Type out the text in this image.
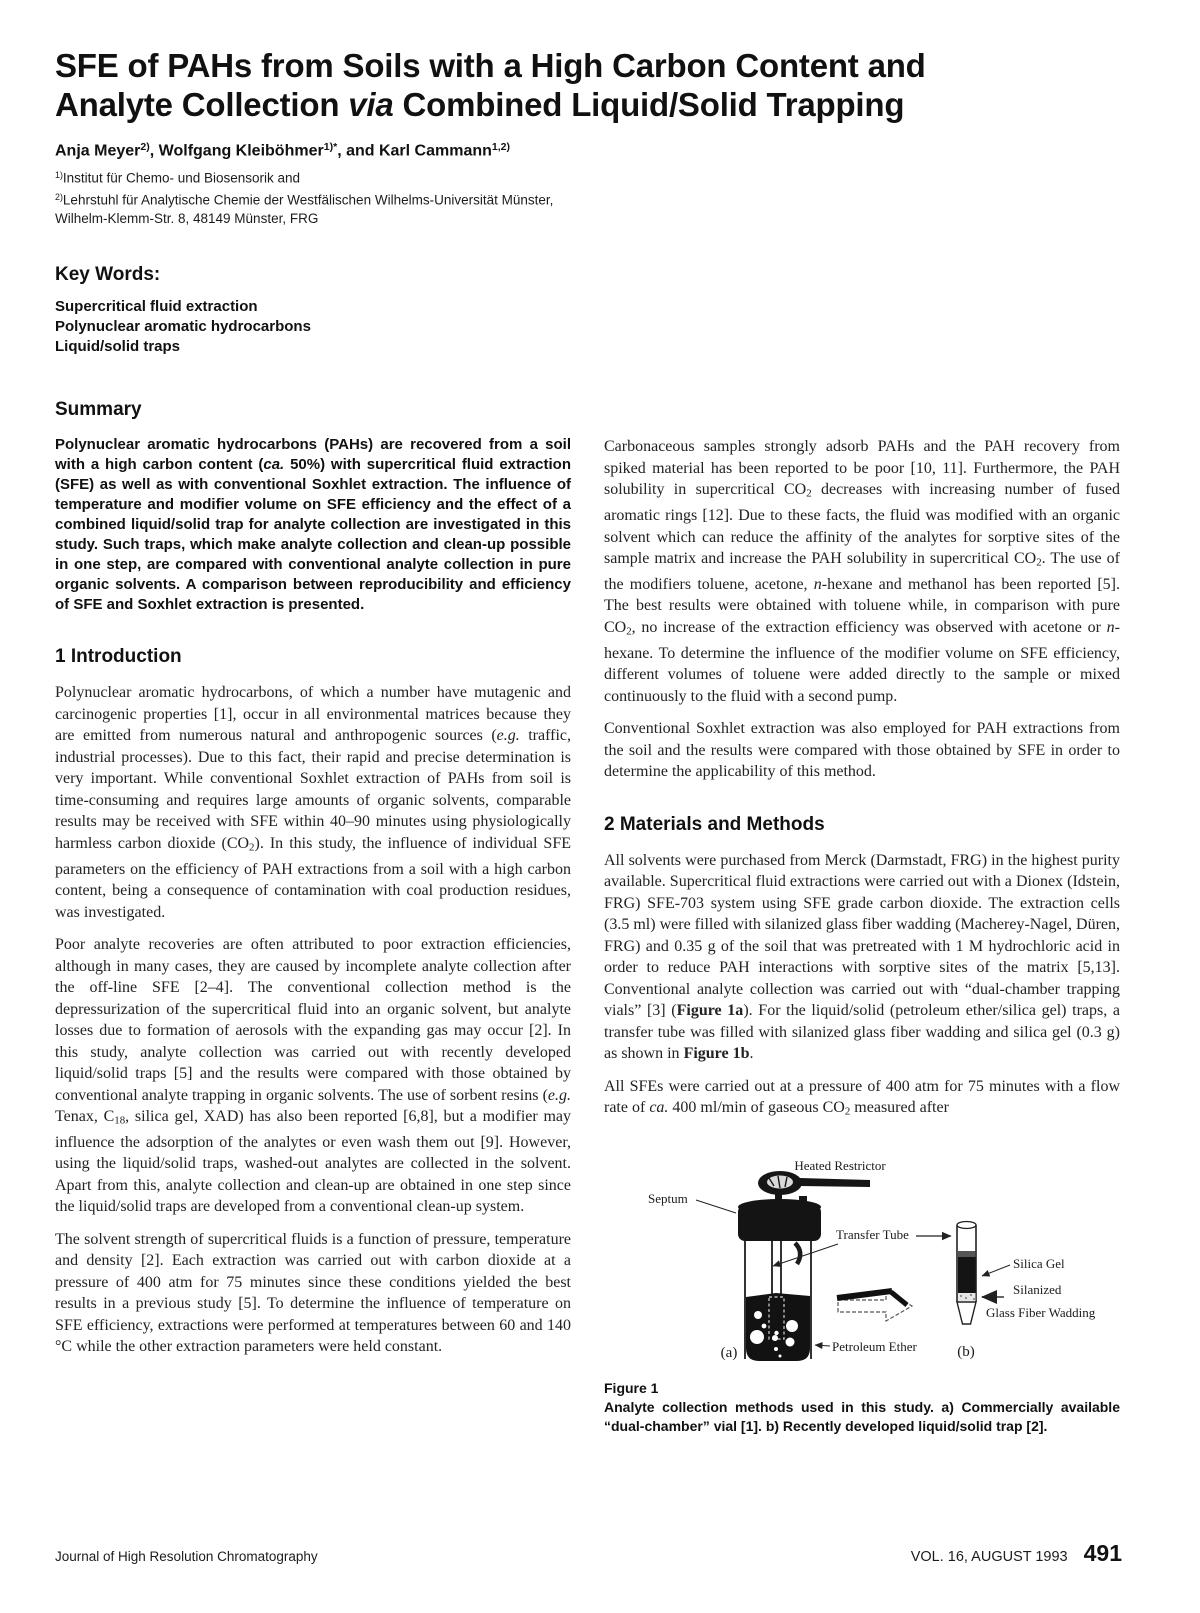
SFE of PAHs from Soils with a High Carbon Content and
Analyte Collection via Combined Liquid/Solid Trapping
Anja Meyer$^{2)}$, Wolfgang Kleiböhmer$^{1)*}$, and Karl Cammann$^{1,2)}$
$^{1)}$Institut für Chemo- und Biosensorik and
$^{2)}$Lehrstuhl für Analytische Chemie der Westfälischen Wilhelms-Universität Münster,
Wilhelm-Klemm-Str. 8, 48149 Münster, FRG
Key Words:
Supercritical fluid extraction
Polynuclear aromatic hydrocarbons
Liquid/solid traps
Summary

Polynuclear aromatic hydrocarbons (PAHs) are recovered from a soil with a high carbon content (ca. 50%) with supercritical fluid extraction (SFE) as well as with conventional Soxhlet extraction. The influence of temperature and modifier volume on SFE efficiency and the effect of a combined liquid/solid trap for analyte collection are investigated in this study. Such traps, which make analyte collection and clean-up possible in one step, are compared with conventional analyte collection in pure organic solvents. A comparison between reproducibility and efficiency of SFE and Soxhlet extraction is presented.

1 Introduction

Polynuclear aromatic hydrocarbons, of which a number have mutagenic and carcinogenic properties [1], occur in all environmental matrices because they are emitted from numerous natural and anthropogenic sources (e.g. traffic, industrial processes). Due to this fact, their rapid and precise determination is very important. While conventional Soxhlet extraction of PAHs from soil is time-consuming and requires large amounts of organic solvents, comparable results may be received with SFE within 40–90 minutes using physiologically harmless carbon dioxide (CO2). In this study, the influence of individual SFE parameters on the efficiency of PAH extractions from a soil with a high carbon content, being a consequence of contamination with coal production residues, was investigated.

Poor analyte recoveries are often attributed to poor extraction efficiencies, although in many cases, they are caused by incomplete analyte collection after the off-line SFE [2–4]. The conventional collection method is the depressurization of the supercritical fluid into an organic solvent, but analyte losses due to formation of aerosols with the expanding gas may occur [2]. In this study, analyte collection was carried out with recently developed liquid/solid traps [5] and the results were compared with those obtained by conventional analyte trapping in organic solvents. The use of sorbent resins (e.g. Tenax, C18, silica gel, XAD) has also been reported [6,8], but a modifier may influence the adsorption of the analytes or even wash them out [9]. However, using the liquid/solid traps, washed-out analytes are collected in the solvent. Apart from this, analyte collection and clean-up are obtained in one step since the liquid/solid traps are developed from a conventional clean-up system.

The solvent strength of supercritical fluids is a function of pressure, temperature and density [2]. Each extraction was carried out with carbon dioxide at a pressure of 400 atm for 75 minutes since these conditions yielded the best results in a previous study [5]. To determine the influence of temperature on SFE efficiency, extractions were performed at temperatures between 60 and 140 °C while the other extraction parameters were held constant.

Carbonaceous samples strongly adsorb PAHs and the PAH recovery from spiked material has been reported to be poor [10, 11]. Furthermore, the PAH solubility in supercritical CO2 decreases with increasing number of fused aromatic rings [12]. Due to these facts, the fluid was modified with an organic solvent which can reduce the affinity of the analytes for sorptive sites of the sample matrix and increase the PAH solubility in supercritical CO2. The use of the modifiers toluene, acetone, n-hexane and methanol has been reported [5]. The best results were obtained with toluene while, in comparison with pure CO2, no increase of the extraction efficiency was observed with acetone or n-hexane. To determine the influence of the modifier volume on SFE efficiency, different volumes of toluene were added directly to the sample or mixed continuously to the fluid with a second pump.

Conventional Soxhlet extraction was also employed for PAH extractions from the soil and the results were compared with those obtained by SFE in order to determine the applicability of this method.

2 Materials and Methods

All solvents were purchased from Merck (Darmstadt, FRG) in the highest purity available. Supercritical fluid extractions were carried out with a Dionex (Idstein, FRG) SFE-703 system using SFE grade carbon dioxide. The extraction cells (3.5 ml) were filled with silanized glass fiber wadding (Macherey-Nagel, Düren, FRG) and 0.35 g of the soil that was pretreated with 1 M hydrochloric acid in order to reduce PAH interactions with sorptive sites of the matrix [5,13]. Conventional analyte collection was carried out with “dual-chamber trapping vials” [3] (Figure 1a). For the liquid/solid (petroleum ether/silica gel) traps, a transfer tube was filled with silanized glass fiber wadding and silica gel (0.3 g) as shown in Figure 1b.

All SFEs were carried out at a pressure of 400 atm for 75 minutes with a flow rate of ca. 400 ml/min of gaseous CO2 measured after

Septum
Heated Restrictor
Transfer Tube
Petroleum Ether
(a)
Silica Gel
Silanized
Glass Fiber Wadding
(b)

Figure 1

Analyte collection methods used in this study. a) Commercially available “dual-chamber” vial [1]. b) Recently developed liquid/solid trap [2].

Journal of High Resolution Chromatography	VOL. 16, AUGUST 1993 491
